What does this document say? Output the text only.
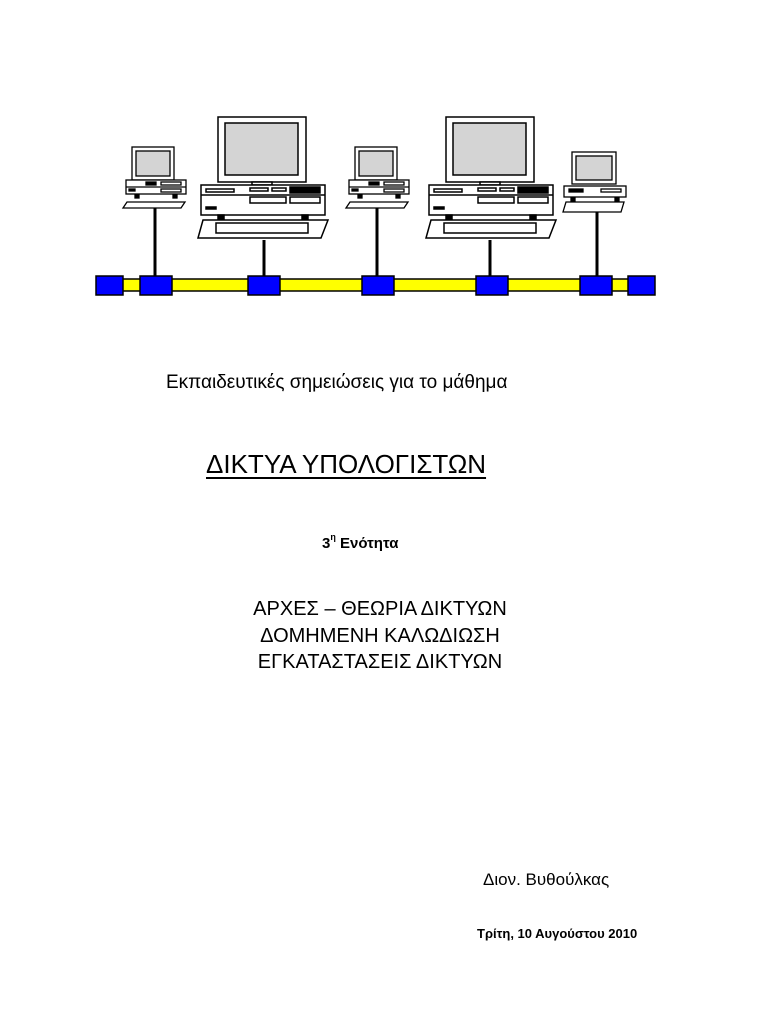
Εκπαιδευτικές σημειώσεις για το μάθημα
ΔΙΚΤΥΑ ΥΠΟΛΟΓΙΣΤΩΝ
$3^\eta$ Ενότητα
ΑΡΧΕΣ – ΘΕΩΡΙΑ ΔΙΚΤΥΩΝ
ΔΟΜΗΜΕΝΗ ΚΑΛΩΔΙΩΣΗ
ΕΓΚΑΤΑΣΤΑΣΕΙΣ ΔΙΚΤΥΩΝ
Διον. Βυθούλκας
Τρίτη, 10 Αυγούστου 2010
